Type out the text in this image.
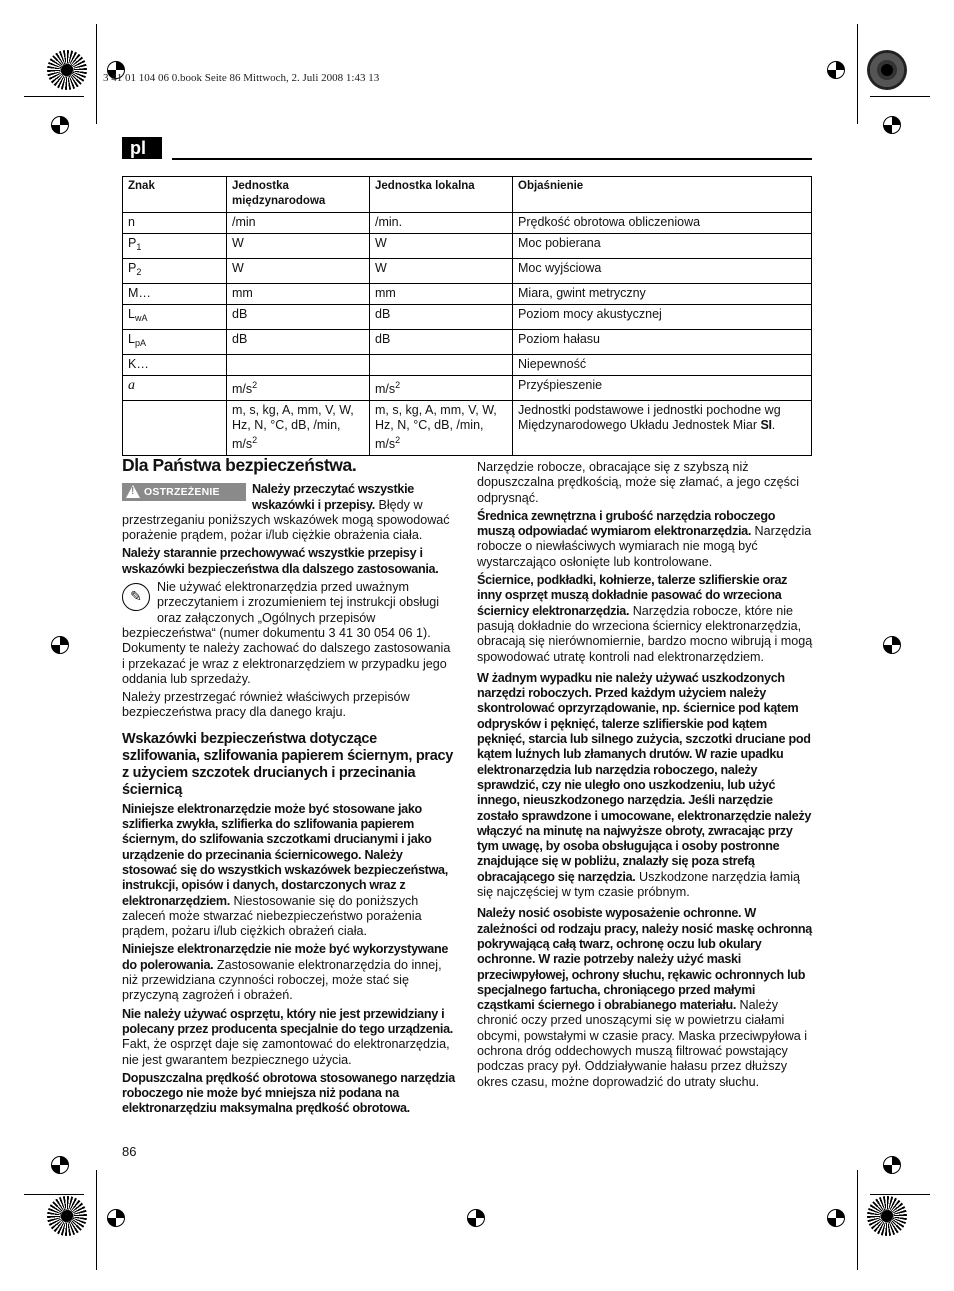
3 41 01 104 06 0.book Seite 86 Mittwoch, 2. Juli 2008 1:43 13
pl
Znak	Jednostka międzynarodowa	Jednostka lokalna	Objaśnienie
n	/min	/min.	Prędkość obrotowa obliczeniowa
$P_1$	W	W	Moc pobierana
$P_2$	W	W	Moc wyjściowa
M…	mm	mm	Miara, gwint metryczny
$L_{wA}$	dB	dB	Poziom mocy akustycznej
$L_{pA}$	dB	dB	Poziom hałasu
K…			Niepewność
a	$m/s^2$	$m/s^2$	Przyśpieszenie
	m, s, kg, A, mm, V, W, Hz, N, °C, dB, /min, $m/s^2$	m, s, kg, A, mm, V, W, Hz, N, °C, dB, /min, $m/s^2$	Jednostki podstawowe i jednostki pochodne wg Międzynarodowego Układu Jednostek Miar SI.

Dla Państwa bezpieczeństwa.

!
OSTRZEŻENIE	Należy przeczytać wszystkie wskazówki i przepisy. Błędy w przestrzeganiu poniższych wskazówek mogą spowodować porażenie prądem, pożar i/lub ciężkie obrażenia ciała.

Należy starannie przechowywać wszystkie przepisy i wskazówki bezpieczeństwa dla dalszego zastosowania.

✎
Nie używać elektronarzędzia przed uważnym przeczytaniem i zrozumieniem tej instrukcji obsługi oraz załączonych „Ogólnych przepisów bezpieczeństwa“ (numer dokumentu 3 41 30 054 06 1). Dokumenty te należy zachować do dalszego zastosowania i przekazać je wraz z elektronarzędziem w przypadku jego oddania lub sprzedaży.

Należy przestrzegać również właściwych przepisów bezpieczeństwa pracy dla danego kraju.

Wskazówki bezpieczeństwa dotyczące szlifowania, szlifowania papierem ściernym, pracy z użyciem szczotek drucianych i przecinania ściernicą

Niniejsze elektronarzędzie może być stosowane jako szlifierka zwykła, szlifierka do szlifowania papierem ściernym, do szlifowania szczotkami drucianymi i jako urządzenie do przecinania ściernicowego. Należy stosować się do wszystkich wskazówek bezpieczeństwa, instrukcji, opisów i danych, dostarczonych wraz z elektronarzędziem. Niestosowanie się do poniższych zaleceń może stwarzać niebezpieczeństwo porażenia prądem, pożaru i/lub ciężkich obrażeń ciała.

Niniejsze elektronarzędzie nie może być wykorzystywane do polerowania. Zastosowanie elektronarzędzia do innej, niż przewidziana czynności roboczej, może stać się przyczyną zagrożeń i obrażeń.

Nie należy używać osprzętu, który nie jest przewidziany i polecany przez producenta specjalnie do tego urządzenia. Fakt, że osprzęt daje się zamontować do elektronarzędzia, nie jest gwarantem bezpiecznego użycia.

Dopuszczalna prędkość obrotowa stosowanego narzędzia roboczego nie może być mniejsza niż podana na elektronarzędziu maksymalna prędkość obrotowa.

Narzędzie robocze, obracające się z szybszą niż dopuszczalna prędkością, może się złamać, a jego części odprysnąć.

Średnica zewnętrzna i grubość narzędzia roboczego muszą odpowiadać wymiarom elektronarzędzia. Narzędzia robocze o niewłaściwych wymiarach nie mogą być wystarczająco osłonięte lub kontrolowane.

Ściernice, podkładki, kołnierze, talerze szlifierskie oraz inny osprzęt muszą dokładnie pasować do wrzeciona ściernicy elektronarzędzia. Narzędzia robocze, które nie pasują dokładnie do wrzeciona ściernicy elektronarzędzia, obracają się nierównomiernie, bardzo mocno wibrują i mogą spowodować utratę kontroli nad elektronarzędziem.

W żadnym wypadku nie należy używać uszkodzonych narzędzi roboczych. Przed każdym użyciem należy skontrolować oprzyrządowanie, np. ściernice pod kątem odprysków i pęknięć, talerze szlifierskie pod kątem pęknięć, starcia lub silnego zużycia, szczotki druciane pod kątem luźnych lub złamanych drutów. W razie upadku elektronarzędzia lub narzędzia roboczego, należy sprawdzić, czy nie uległo ono uszkodzeniu, lub użyć innego, nieuszkodzonego narzędzia. Jeśli narzędzie zostało sprawdzone i umocowane, elektronarzędzie należy włączyć na minutę na najwyższe obroty, zwracając przy tym uwagę, by osoba obsługująca i osoby postronne znajdujące się w pobliżu, znalazły się poza strefą obracającego się narzędzia. Uszkodzone narzędzia łamią się najczęściej w tym czasie próbnym.

Należy nosić osobiste wyposażenie ochronne. W zależności od rodzaju pracy, należy nosić maskę ochronną pokrywającą całą twarz, ochronę oczu lub okulary ochronne. W razie potrzeby należy użyć maski przeciwpyłowej, ochrony słuchu, rękawic ochronnych lub specjalnego fartucha, chroniącego przed małymi cząstkami ściernego i obrabianego materiału. Należy chronić oczy przed unoszącymi się w powietrzu ciałami obcymi, powstałymi w czasie pracy. Maska przeciwpyłowa i ochrona dróg oddechowych muszą filtrować powstający podczas pracy pył. Oddziaływanie hałasu przez dłuższy okres czasu, możne doprowadzić do utraty słuchu.

86
